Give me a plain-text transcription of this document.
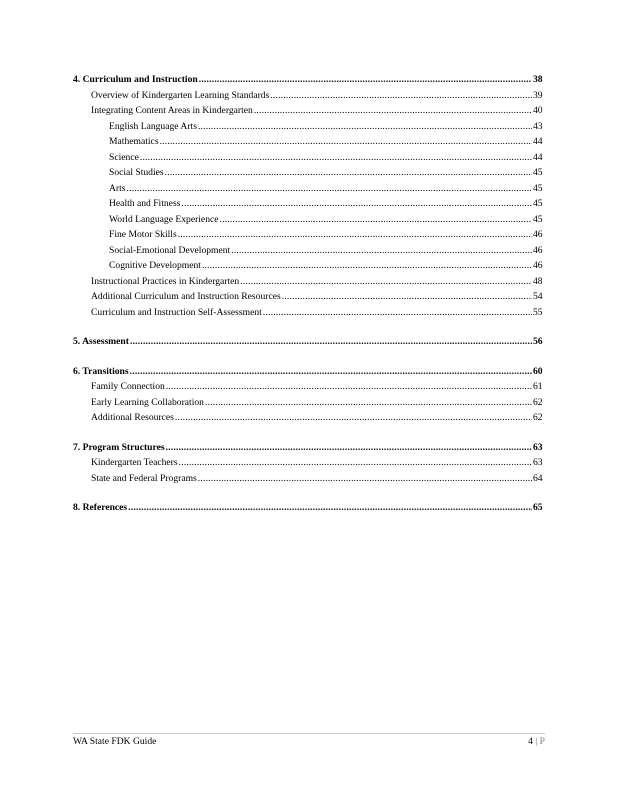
4. Curriculum and Instruction .....	38
Overview of Kindergarten Learning Standards .....	39
Integrating Content Areas in Kindergarten .....	40
English Language Arts .....	43
Mathematics .....	44
Science .....	44
Social Studies .....	45
Arts .....	45
Health and Fitness .....	45
World Language Experience .....	45
Fine Motor Skills .....	46
Social‑Emotional Development .....	46
Cognitive Development .....	46
Instructional Practices in Kindergarten .....	48
Additional Curriculum and Instruction Resources .....	54
Curriculum and Instruction Self-Assessment .....	55
5. Assessment .....	56
6. Transitions .....	60
Family Connection .....	61
Early Learning Collaboration .....	62
Additional Resources .....	62
7. Program Structures .....	63
Kindergarten Teachers .....	63
State and Federal Programs .....	64
8. References .....	65
WA State FDK Guide	4 | P
